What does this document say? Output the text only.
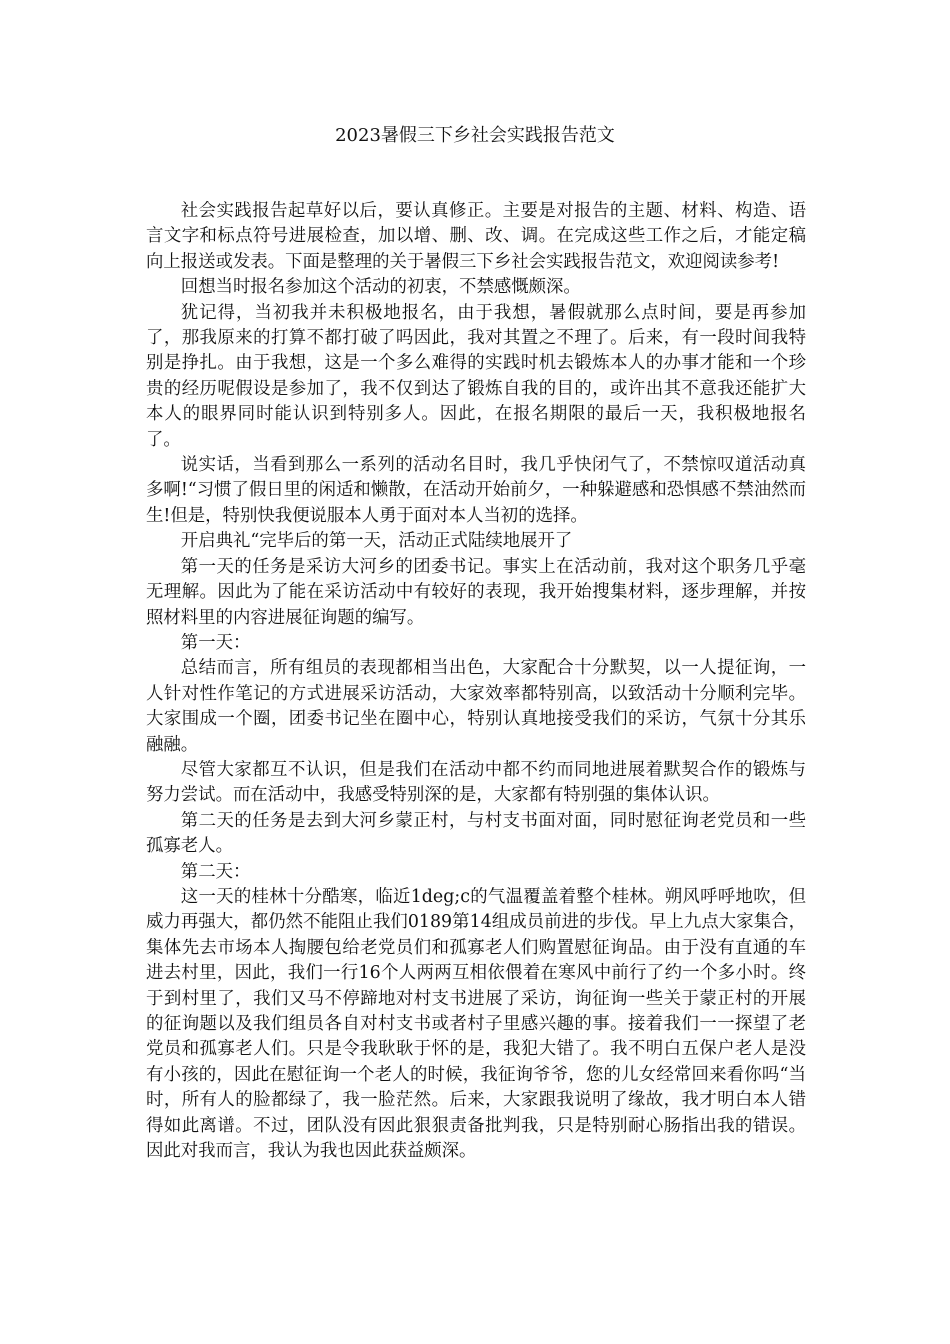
2023暑假三下乡社会实践报告范文

社会实践报告起草好以后，要认真修正。主要是对报告的主题、材料、构造、语言文字和标点符号进展检查，加以增、删、改、调。在完成这些工作之后，才能定稿向上报送或发表。下面是整理的关于暑假三下乡社会实践报告范文，欢迎阅读参考!

回想当时报名参加这个活动的初衷，不禁感慨颇深。

犹记得，当初我并未积极地报名，由于我想，暑假就那么点时间，要是再参加了，那我原来的打算不都打破了吗因此，我对其置之不理了。后来，有一段时间我特别是挣扎。由于我想，这是一个多么难得的实践时机去锻炼本人的办事才能和一个珍贵的经历呢假设是参加了，我不仅到达了锻炼自我的目的，或许出其不意我还能扩大本人的眼界同时能认识到特别多人。因此，在报名期限的最后一天，我积极地报名了。

说实话，当看到那么一系列的活动名目时，我几乎快闭气了，不禁惊叹道活动真多啊!“习惯了假日里的闲适和懒散，在活动开始前夕，一种躲避感和恐惧感不禁油然而生!但是，特别快我便说服本人勇于面对本人当初的选择。

开启典礼“完毕后的第一天，活动正式陆续地展开了

第一天的任务是采访大河乡的团委书记。事实上在活动前，我对这个职务几乎毫无理解。因此为了能在采访活动中有较好的表现，我开始搜集材料，逐步理解，并按照材料里的内容进展征询题的编写。

第一天：

总结而言，所有组员的表现都相当出色，大家配合十分默契，以一人提征询，一人针对性作笔记的方式进展采访活动，大家效率都特别高，以致活动十分顺利完毕。大家围成一个圈，团委书记坐在圈中心，特别认真地接受我们的采访，气氛十分其乐融融。

尽管大家都互不认识，但是我们在活动中都不约而同地进展着默契合作的锻炼与努力尝试。而在活动中，我感受特别深的是，大家都有特别强的集体认识。

第二天的任务是去到大河乡蒙正村，与村支书面对面，同时慰征询老党员和一些孤寡老人。

第二天：

这一天的桂林十分酷寒，临近1deg;c的气温覆盖着整个桂林。朔风呼呼地吹，但威力再强大，都仍然不能阻止我们0189第14组成员前进的步伐。早上九点大家集合，集体先去市场本人掏腰包给老党员们和孤寡老人们购置慰征询品。由于没有直通的车进去村里，因此，我们一行16个人两两互相依偎着在寒风中前行了约一个多小时。终于到村里了，我们又马不停蹄地对村支书进展了采访，询征询一些关于蒙正村的开展的征询题以及我们组员各自对村支书或者村子里感兴趣的事。接着我们一一探望了老党员和孤寡老人们。只是令我耿耿于怀的是，我犯大错了。我不明白五保户老人是没有小孩的，因此在慰征询一个老人的时候，我征询爷爷，您的儿女经常回来看你吗“当时，所有人的脸都绿了，我一脸茫然。后来，大家跟我说明了缘故，我才明白本人错得如此离谱。不过，团队没有因此狠狠责备批判我，只是特别耐心肠指出我的错误。因此对我而言，我认为我也因此获益颇深。
